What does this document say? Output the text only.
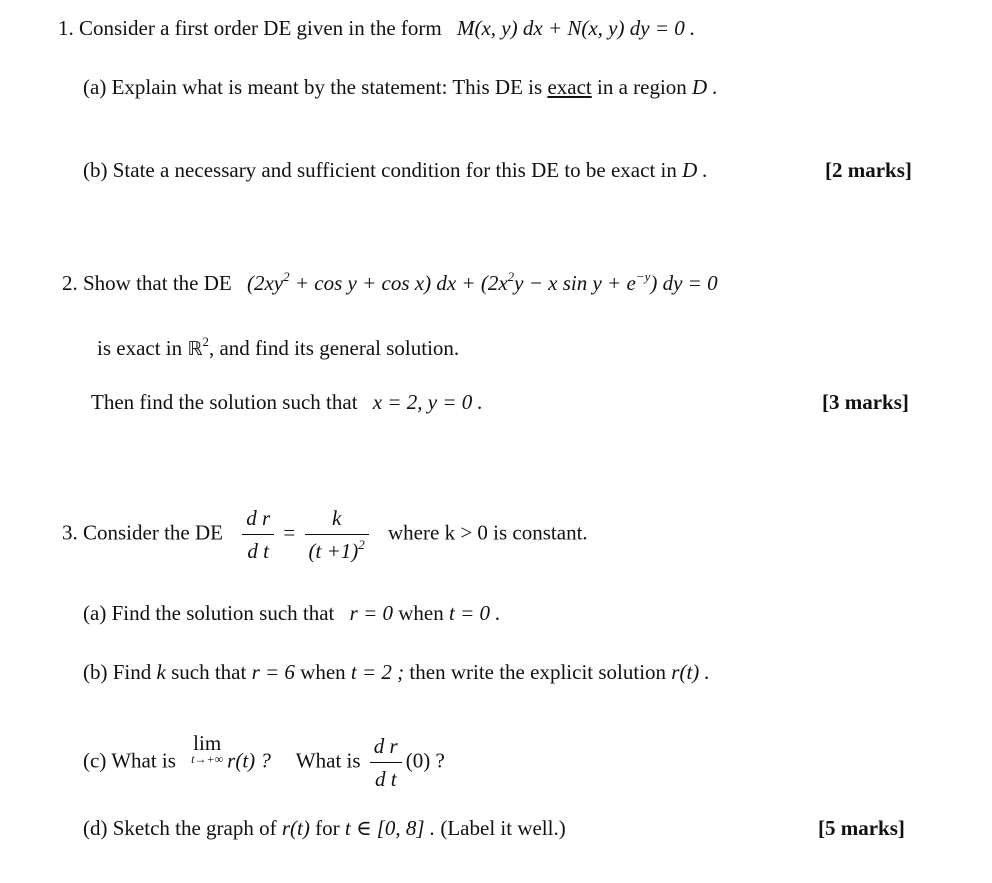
1. Consider a first order DE given in the form M(x, y) dx + N(x, y) dy = 0 .
(a) Explain what is meant by the statement: This DE is exact in a region D .
(b) State a necessary and sufficient condition for this DE to be exact in D .	[2 marks]
2. Show that the DE $(2xy^2 + \cos y + \cos x)$ dx + ($2x^2y - x$ $\sin y + e^{-y}$) dy = 0
is exact in ℝ$^2$, and find its general solution.
Then find the solution such that x = 2, y = 0 .	[3 marks]
3. Consider the DE $\frac{\text{d r}}{\text{d t}} = \frac{k}{(t +1)^2}$ where k > 0 is constant.
(a) Find the solution such that r = 0 when t = 0 .
(b) Find k such that r = 6 when t = 2 ; then write the explicit solution r(t) .
(c) What is lim
t→+∞ r(t) ? What is $\frac{\text{d r}}{\text{d t}} (0)$ ?
(d) Sketch the graph of r(t) for t ∈ [0, 8] . (Label it well.)	[5 marks]
